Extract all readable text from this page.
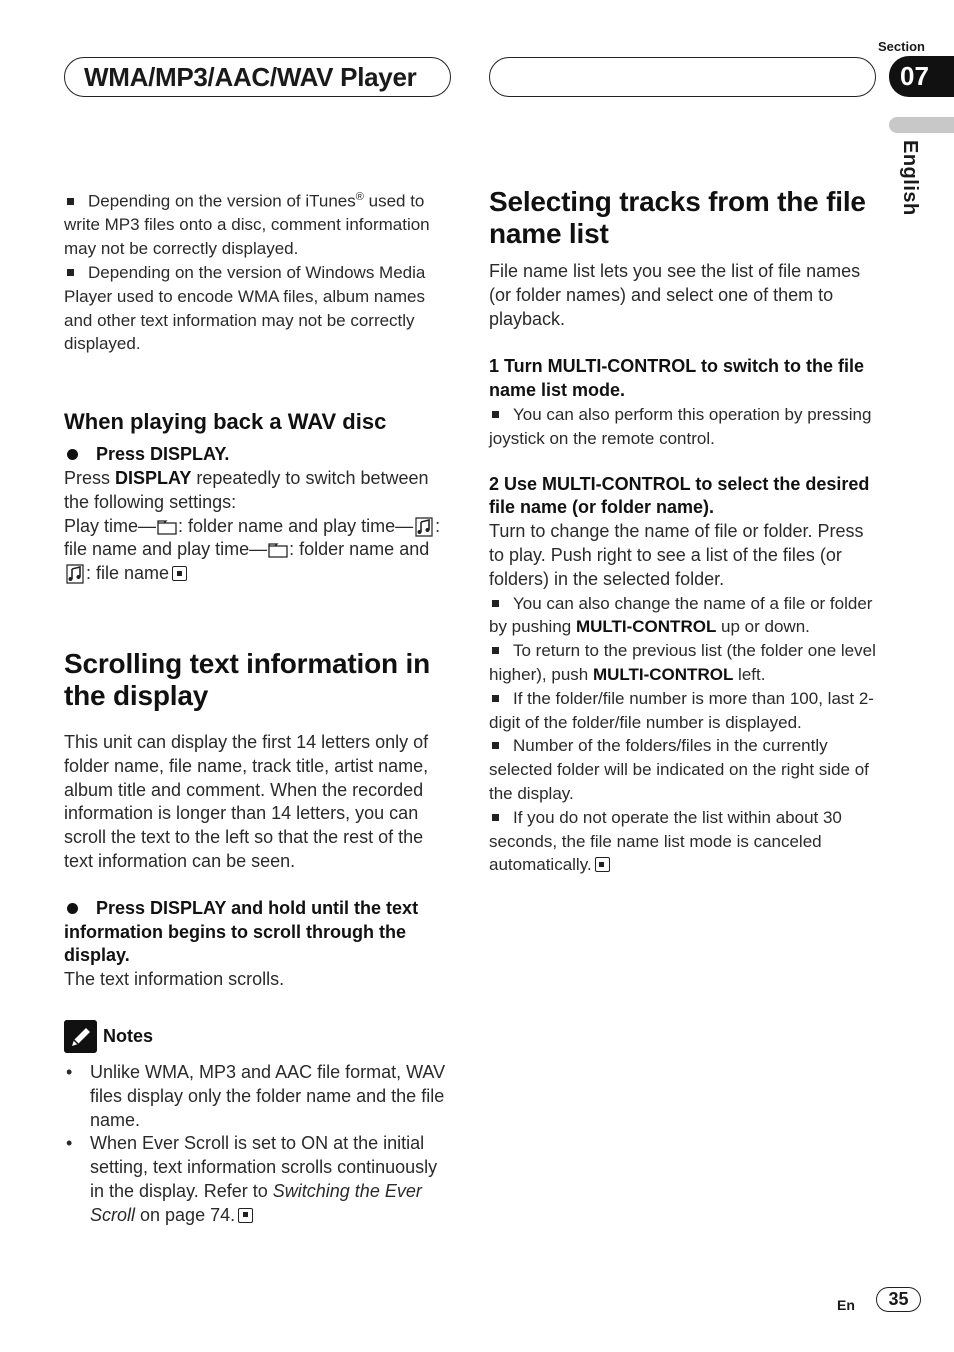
WMA/MP3/AAC/WAV Player
Section
07
English

Depending on the version of iTunes® used to write MP3 files onto a disc, comment information may not be correctly displayed.

Depending on the version of Windows Media Player used to encode WMA files, album names and other text information may not be correctly displayed.

When playing back a WAV disc

Press DISPLAY.

Press DISPLAY repeatedly to switch between the following settings:

Play time— : folder name and play time— : file name and play time— : folder name and : file name

Scrolling text information in the display

This unit can display the first 14 letters only of folder name, file name, track title, artist name, album title and comment. When the recorded information is longer than 14 letters, you can scroll the text to the left so that the rest of the text information can be seen.

Press DISPLAY and hold until the text information begins to scroll through the display.

The text information scrolls.

Notes
• Unlike WMA, MP3 and AAC file format, WAV files display only the folder name and the file name.
• When Ever Scroll is set to ON at the initial setting, text information scrolls continuously in the display. Refer to Switching the Ever Scroll on page 74.

Selecting tracks from the file name list

File name list lets you see the list of file names (or folder names) and select one of them to playback.

1 Turn MULTI-CONTROL to switch to the file name list mode.

You can also perform this operation by pressing joystick on the remote control.

2 Use MULTI-CONTROL to select the desired file name (or folder name).

Turn to change the name of file or folder. Press to play. Push right to see a list of the files (or folders) in the selected folder.

You can also change the name of a file or folder by pushing MULTI-CONTROL up or down.

To return to the previous list (the folder one level higher), push MULTI-CONTROL left.

If the folder/file number is more than 100, last 2-digit of the folder/file number is displayed.

Number of the folders/files in the currently selected folder will be indicated on the right side of the display.

If you do not operate the list within about 30 seconds, the file name list mode is canceled automatically.

En	35
